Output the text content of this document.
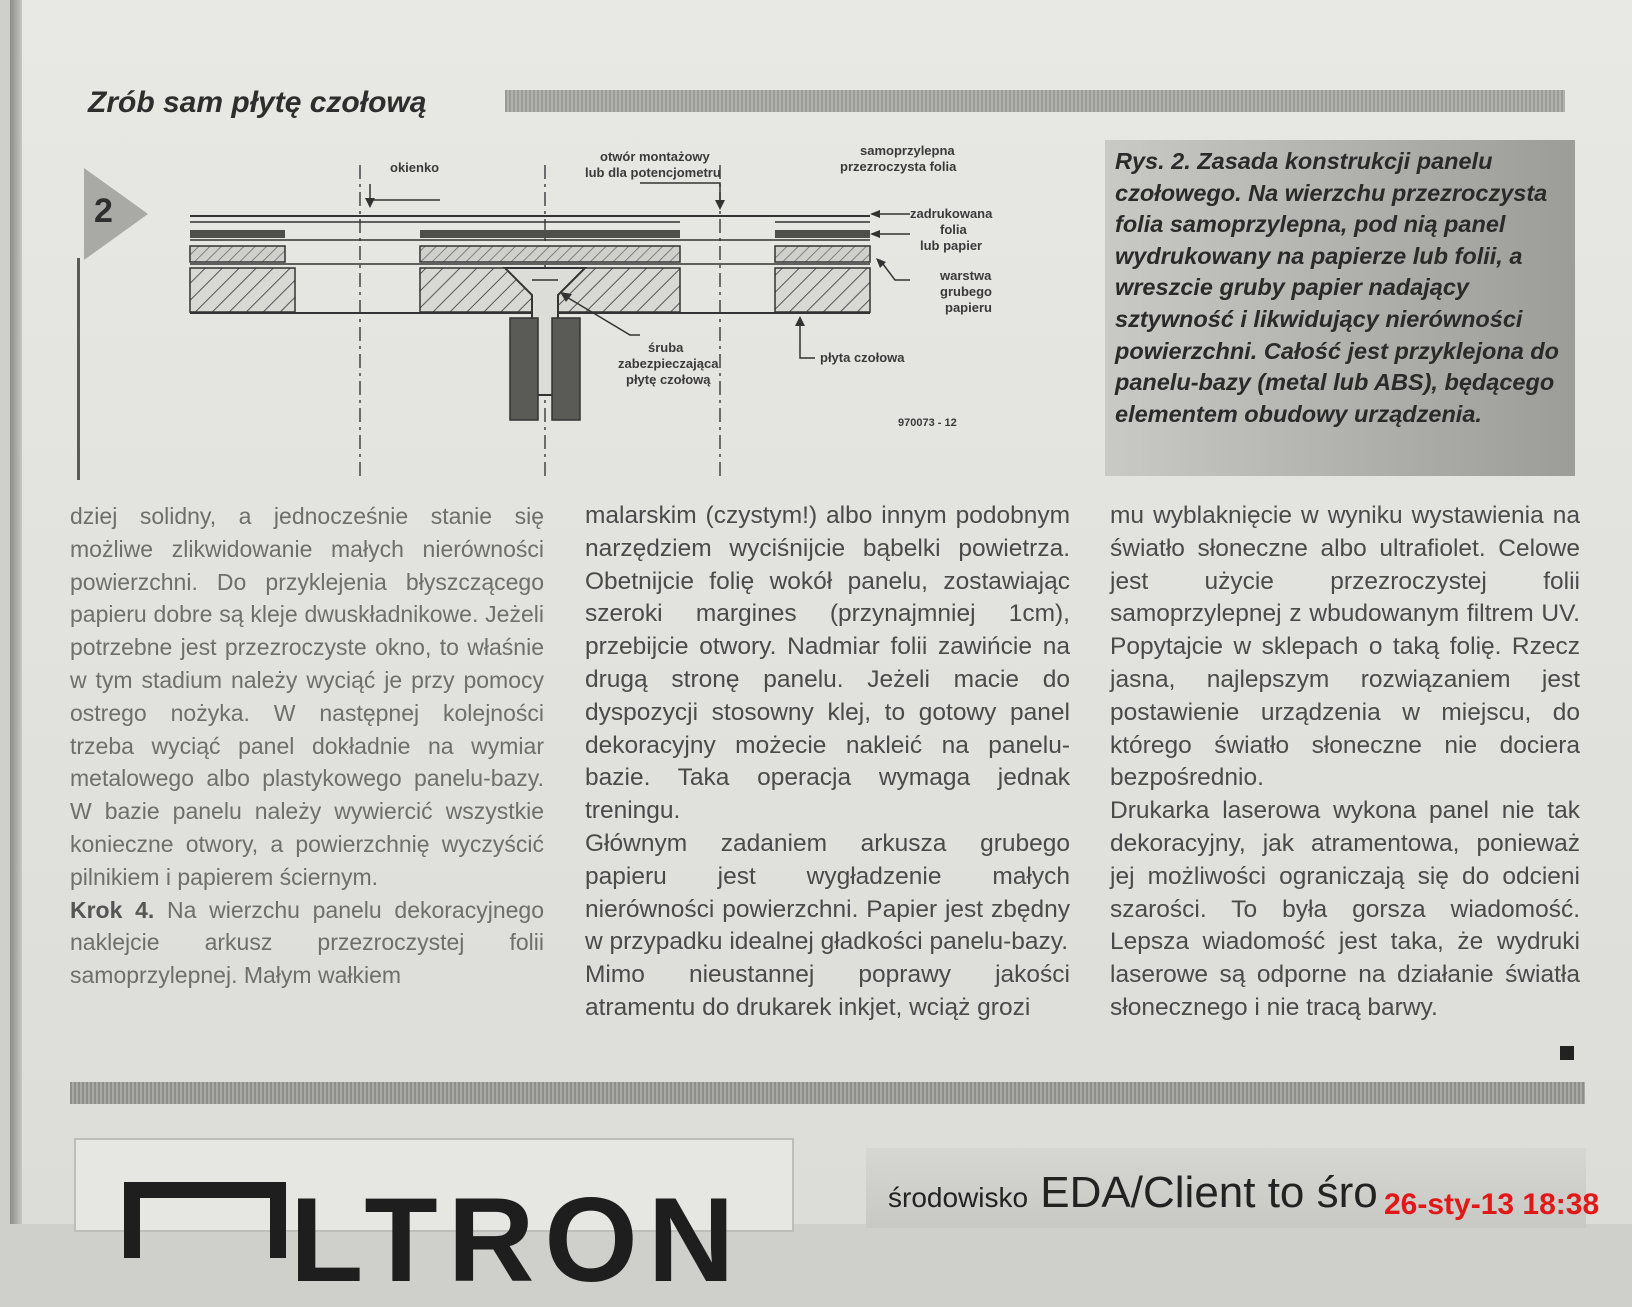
Zrób sam płytę czołową
2
okienko
otwór montażowy
lub dla potencjometru
samoprzylepna
przezroczysta folia
zadrukowana
folia
lub papier
warstwa
grubego
papieru
śruba
zabezpieczająca
płytę czołową
płyta czołowa
970073 - 12
Rys. 2. Zasada konstrukcji panelu czołowego. Na wierzchu przezroczysta folia samoprzylepna, pod nią panel wydrukowany na papierze lub folii, a wreszcie gruby papier nadający sztywność i likwidujący nierówności powierzchni. Całość jest przyklejona do panelu-bazy (metal lub ABS), będącego elementem obudowy urządzenia.
dziej solidny, a jednocześnie stanie się możliwe zlikwidowanie małych nierówności powierzchni. Do przyklejenia błyszczącego papieru dobre są kleje dwuskładnikowe. Jeżeli potrzebne jest przezroczyste okno, to właśnie w tym stadium należy wyciąć je przy pomocy ostrego nożyka. W następnej kolejności trzeba wyciąć panel dokładnie na wymiar metalowego albo plastykowego panelu-bazy. W bazie panelu należy wywiercić wszystkie konieczne otwory, a powierzchnię wyczyścić pilnikiem i papierem ściernym.
Krok 4. Na wierzchu panelu dekoracyjnego naklejcie arkusz przezroczystej folii samoprzylepnej. Małym wałkiem
malarskim (czystym!) albo innym podobnym narzędziem wyciśnijcie bąbelki powietrza. Obetnijcie folię wokół panelu, zostawiając szeroki margines (przynajmniej 1cm), przebijcie otwory. Nadmiar folii zawińcie na drugą stronę panelu. Jeżeli macie do dyspozycji stosowny klej, to gotowy panel dekoracyjny możecie nakleić na panelu-bazie. Taka operacja wymaga jednak treningu.
Głównym zadaniem arkusza grubego papieru jest wygładzenie małych nierówności powierzchni. Papier jest zbędny w przypadku idealnej gładkości panelu-bazy.
Mimo nieustannej poprawy jakości atramentu do drukarek inkjet, wciąż grozi
mu wyblaknięcie w wyniku wystawienia na światło słoneczne albo ultrafiolet. Celowe jest użycie przezroczystej folii samoprzylepnej z wbudowanym filtrem UV. Popytajcie w sklepach o taką folię. Rzecz jasna, najlepszym rozwiązaniem jest postawienie urządzenia w miejscu, do którego światło słoneczne nie dociera bezpośrednio.
Drukarka laserowa wykona panel nie tak dekoracyjny, jak atramentowa, ponieważ jej możliwości ograniczają się do odcieni szarości. To była gorsza wiadomość. Lepsza wiadomość jest taka, że wydruki laserowe są odporne na działanie światła słonecznego i nie tracą barwy.
LTRON	środowisko EDA/Client to śro 26-sty-13 18:38
